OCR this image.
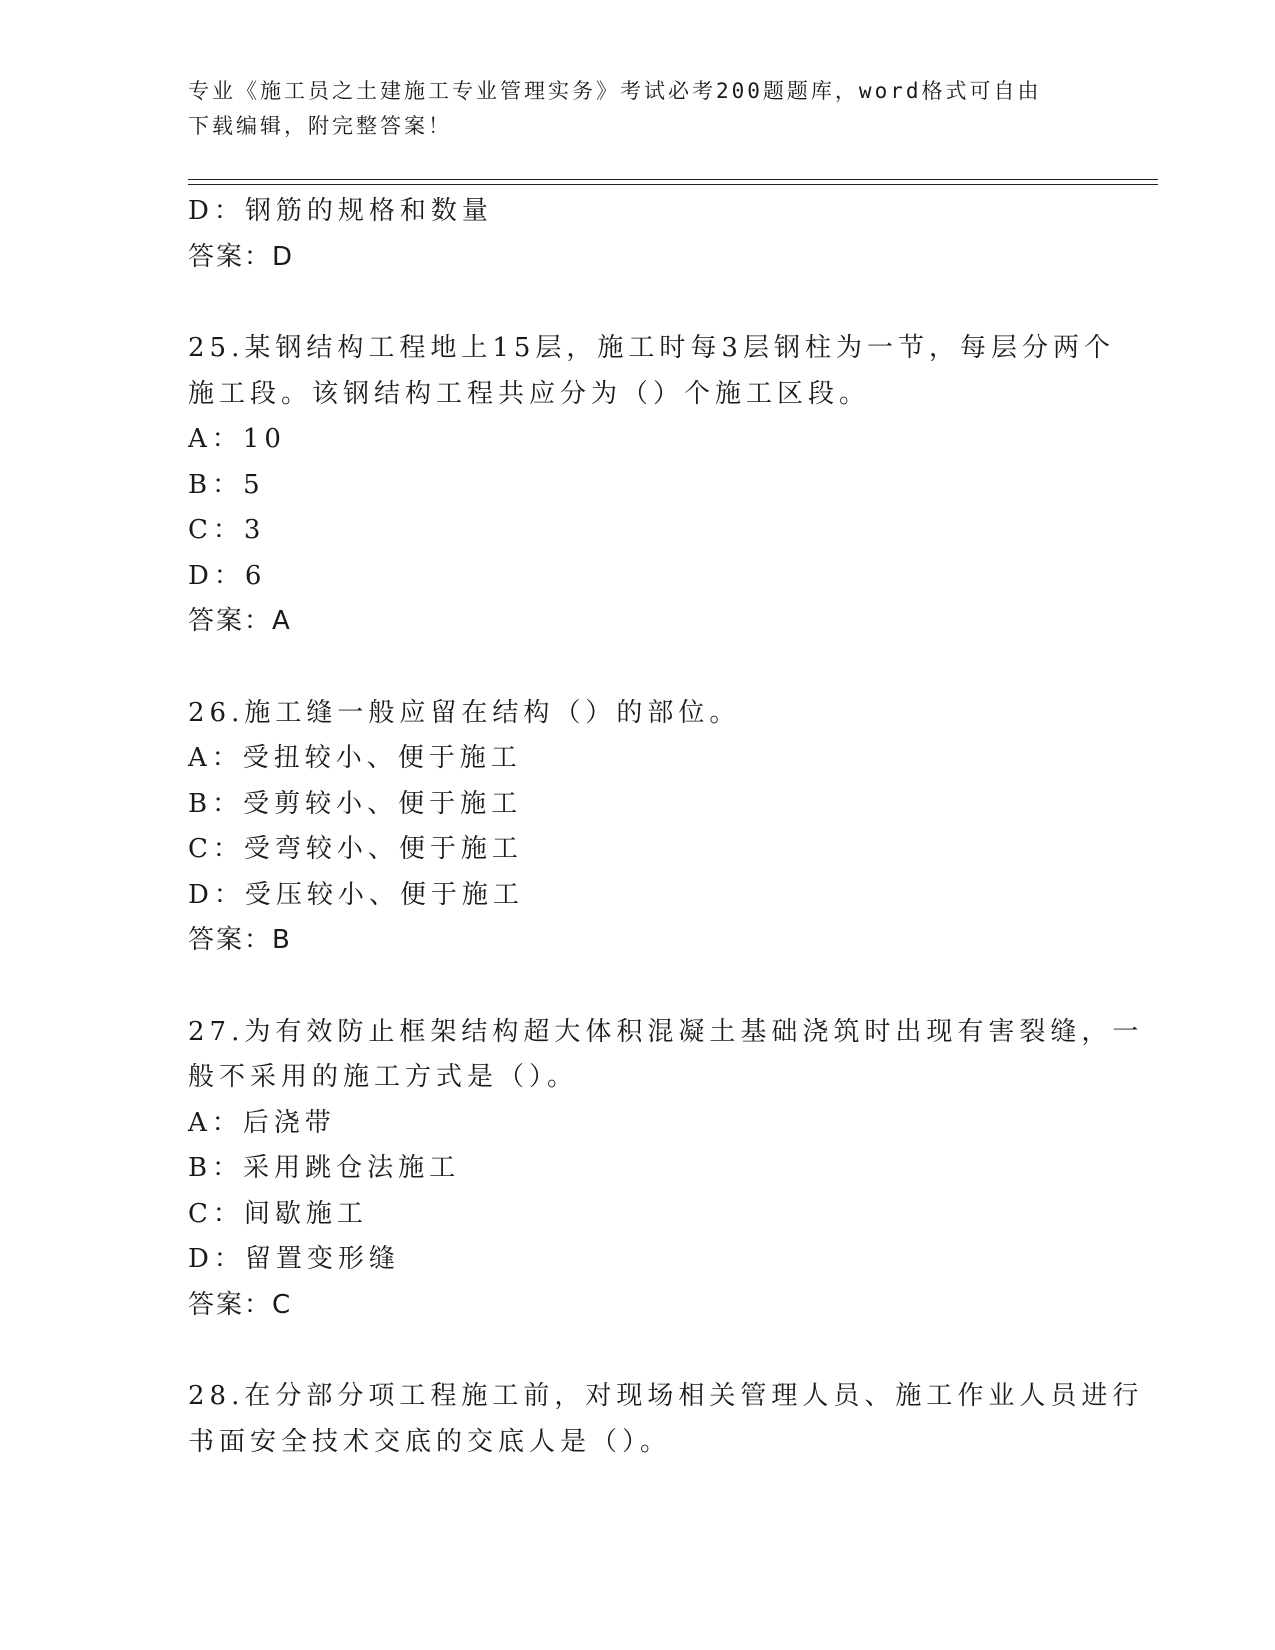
专业《施工员之土建施工专业管理实务》考试必考200题题库，word格式可自由
下载编辑，附完整答案！
D：钢筋的规格和数量
答案：D
25.某钢结构工程地上15层，施工时每3层钢柱为一节，每层分两个
施工段。该钢结构工程共应分为（）个施工区段。
A：10
B：5
C：3
D：6
答案：A
26.施工缝一般应留在结构（）的部位。
A：受扭较小、便于施工
B：受剪较小、便于施工
C：受弯较小、便于施工
D：受压较小、便于施工
答案：B
27.为有效防止框架结构超大体积混凝土基础浇筑时出现有害裂缝，一
般不采用的施工方式是（）。
A：后浇带
B：采用跳仓法施工
C：间歇施工
D：留置变形缝
答案：C
28.在分部分项工程施工前，对现场相关管理人员、施工作业人员进行
书面安全技术交底的交底人是（）。
